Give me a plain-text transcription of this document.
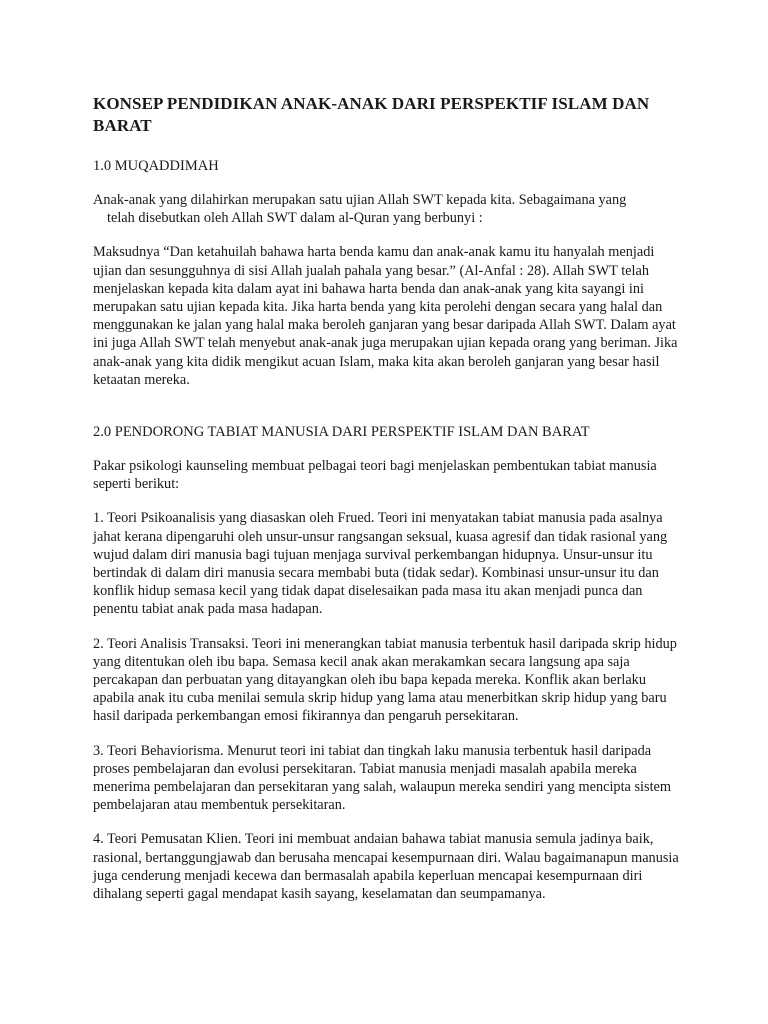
KONSEP PENDIDIKAN ANAK-ANAK DARI PERSPEKTIF ISLAM DAN BARAT
1.0 MUQADDIMAH
Anak-anak yang dilahirkan merupakan satu ujian Allah SWT kepada kita. Sebagaimana yang
telah disebutkan oleh Allah SWT dalam al-Quran yang berbunyi :
Maksudnya “Dan ketahuilah bahawa harta benda kamu dan anak-anak kamu itu hanyalah menjadi ujian dan sesungguhnya di sisi Allah jualah pahala yang besar.” (Al-Anfal : 28). Allah SWT telah menjelaskan kepada kita dalam ayat ini bahawa harta benda dan anak-anak yang kita sayangi ini merupakan satu ujian kepada kita. Jika harta benda yang kita perolehi dengan secara yang halal dan menggunakan ke jalan yang halal maka beroleh ganjaran yang besar daripada Allah SWT. Dalam ayat ini juga Allah SWT telah menyebut anak-anak juga merupakan ujian kepada orang yang beriman. Jika anak-anak yang kita didik mengikut acuan Islam, maka kita akan beroleh ganjaran yang besar hasil ketaatan mereka.
2.0 PENDORONG TABIAT MANUSIA DARI PERSPEKTIF ISLAM DAN BARAT
Pakar psikologi kaunseling membuat pelbagai teori bagi menjelaskan pembentukan tabiat manusia seperti berikut:
1. Teori Psikoanalisis yang diasaskan oleh Frued. Teori ini menyatakan tabiat manusia pada asalnya jahat kerana dipengaruhi oleh unsur-unsur rangsangan seksual, kuasa agresif dan tidak rasional yang wujud dalam diri manusia bagi tujuan menjaga survival perkembangan hidupnya. Unsur-unsur itu bertindak di dalam diri manusia secara membabi buta (tidak sedar). Kombinasi unsur-unsur itu dan konflik hidup semasa kecil yang tidak dapat diselesaikan pada masa itu akan menjadi punca dan penentu tabiat anak pada masa hadapan.
2. Teori Analisis Transaksi. Teori ini menerangkan tabiat manusia terbentuk hasil daripada skrip hidup yang ditentukan oleh ibu bapa. Semasa kecil anak akan merakamkan secara langsung apa saja percakapan dan perbuatan yang ditayangkan oleh ibu bapa kepada mereka. Konflik akan berlaku apabila anak itu cuba menilai semula skrip hidup yang lama atau menerbitkan skrip hidup yang baru hasil daripada perkembangan emosi fikirannya dan pengaruh persekitaran.
3. Teori Behaviorisma. Menurut teori ini tabiat dan tingkah laku manusia terbentuk hasil daripada proses pembelajaran dan evolusi persekitaran. Tabiat manusia menjadi masalah apabila mereka menerima pembelajaran dan persekitaran yang salah, walaupun mereka sendiri yang mencipta sistem pembelajaran atau membentuk persekitaran.
4. Teori Pemusatan Klien. Teori ini membuat andaian bahawa tabiat manusia semula jadinya baik, rasional, bertanggungjawab dan berusaha mencapai kesempurnaan diri. Walau bagaimanapun manusia juga cenderung menjadi kecewa dan bermasalah apabila keperluan mencapai kesempurnaan diri dihalang seperti gagal mendapat kasih sayang, keselamatan dan seumpamanya.
